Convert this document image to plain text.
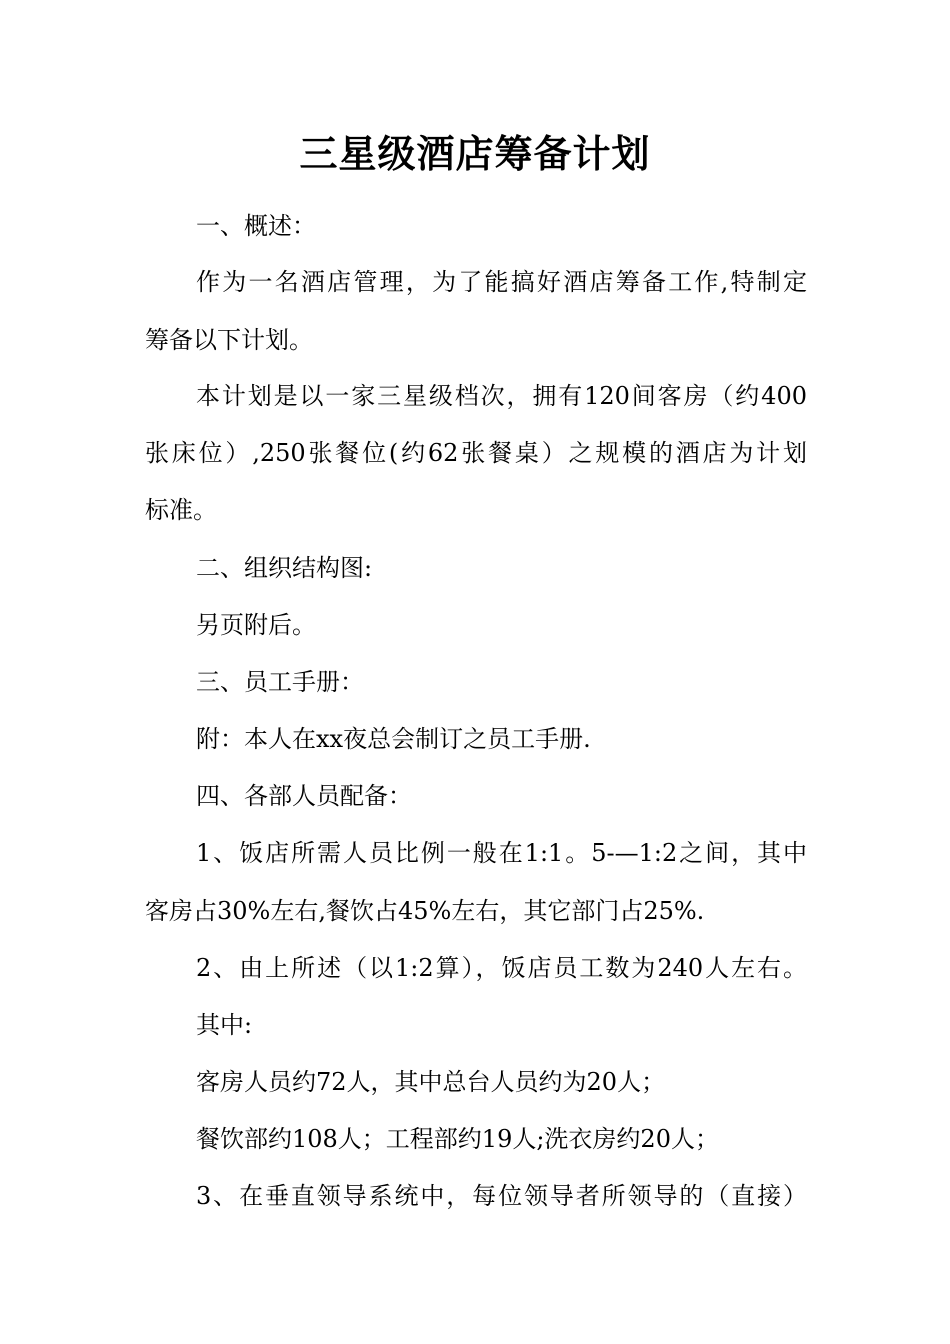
三星级酒店筹备计划
一、概述：
作为一名酒店管理，为了能搞好酒店筹备工作,特制定
筹备以下计划。
本计划是以一家三星级档次，拥有120间客房（约400
张床位）,250张餐位(约62张餐桌）之规模的酒店为计划
标准。
二、组织结构图:
另页附后。
三、员工手册：
附：本人在xx夜总会制订之员工手册.
四、各部人员配备：
1、饭店所需人员比例一般在1:1。5-—1:2之间，其中
客房占30%左右,餐饮占45%左右，其它部门占25%.
2、由上所述（以1:2算），饭店员工数为240人左右。
其中:
客房人员约72人，其中总台人员约为20人；
餐饮部约108人；工程部约19人;洗衣房约20人；
3、在垂直领导系统中，每位领导者所领导的（直接）
